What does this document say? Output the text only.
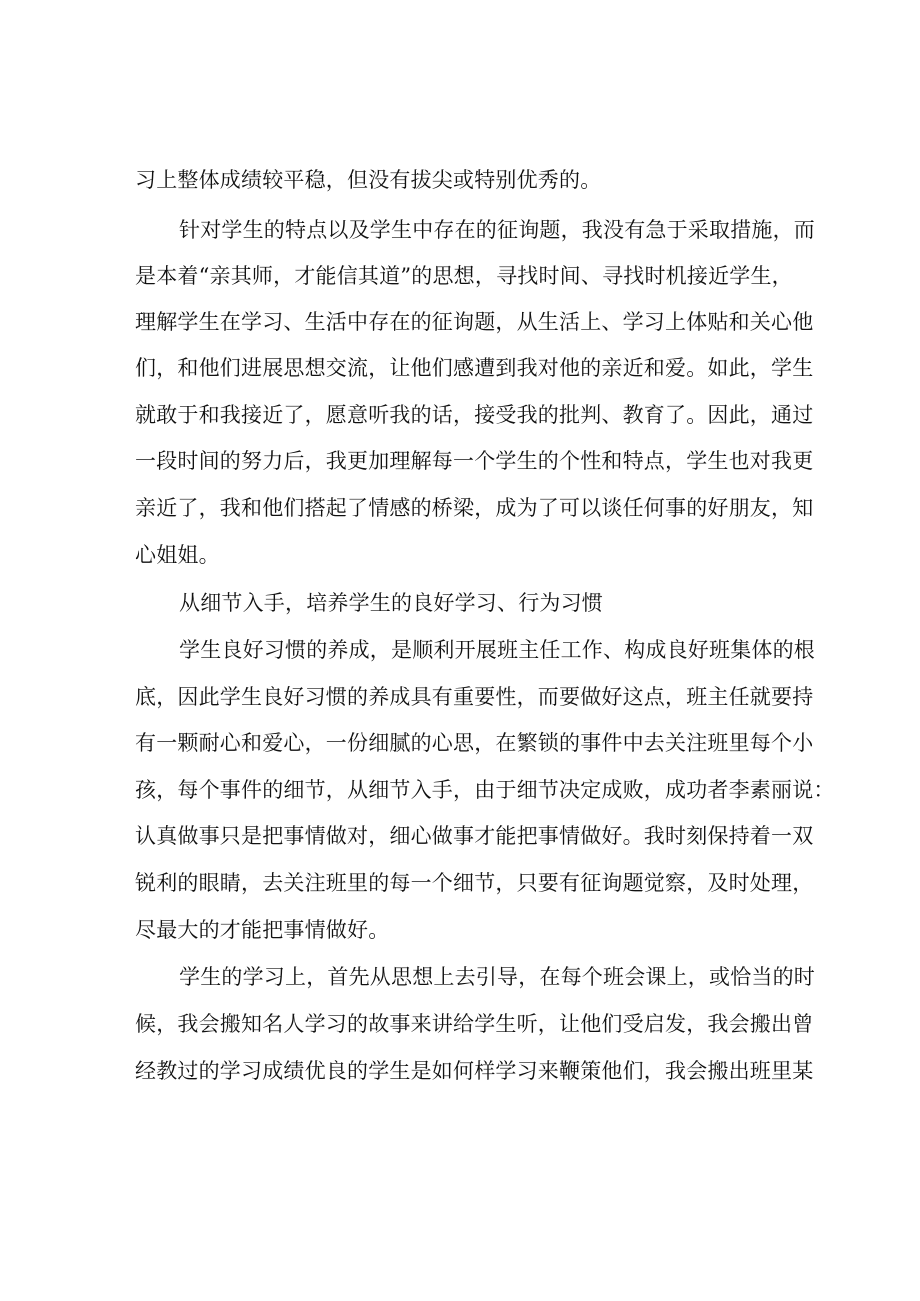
习上整体成绩较平稳，但没有拔尖或特别优秀的。
针对学生的特点以及学生中存在的征询题，我没有急于采取措施，而
是本着“亲其师，才能信其道”的思想，寻找时间、寻找时机接近学生，
理解学生在学习、生活中存在的征询题，从生活上、学习上体贴和关心他
们，和他们进展思想交流，让他们感遭到我对他的亲近和爱。如此，学生
就敢于和我接近了，愿意听我的话，接受我的批判、教育了。因此，通过
一段时间的努力后，我更加理解每一个学生的个性和特点，学生也对我更
亲近了，我和他们搭起了情感的桥梁，成为了可以谈任何事的好朋友，知
心姐姐。
从细节入手，培养学生的良好学习、行为习惯
学生良好习惯的养成，是顺利开展班主任工作、构成良好班集体的根
底，因此学生良好习惯的养成具有重要性，而要做好这点，班主任就要持
有一颗耐心和爱心，一份细腻的心思，在繁锁的事件中去关注班里每个小
孩，每个事件的细节，从细节入手，由于细节决定成败，成功者李素丽说：
认真做事只是把事情做对，细心做事才能把事情做好。我时刻保持着一双
锐利的眼睛，去关注班里的每一个细节，只要有征询题觉察，及时处理，
尽最大的才能把事情做好。
学生的学习上，首先从思想上去引导，在每个班会课上，或恰当的时
候，我会搬知名人学习的故事来讲给学生听，让他们受启发，我会搬出曾
经教过的学习成绩优良的学生是如何样学习来鞭策他们，我会搬出班里某
